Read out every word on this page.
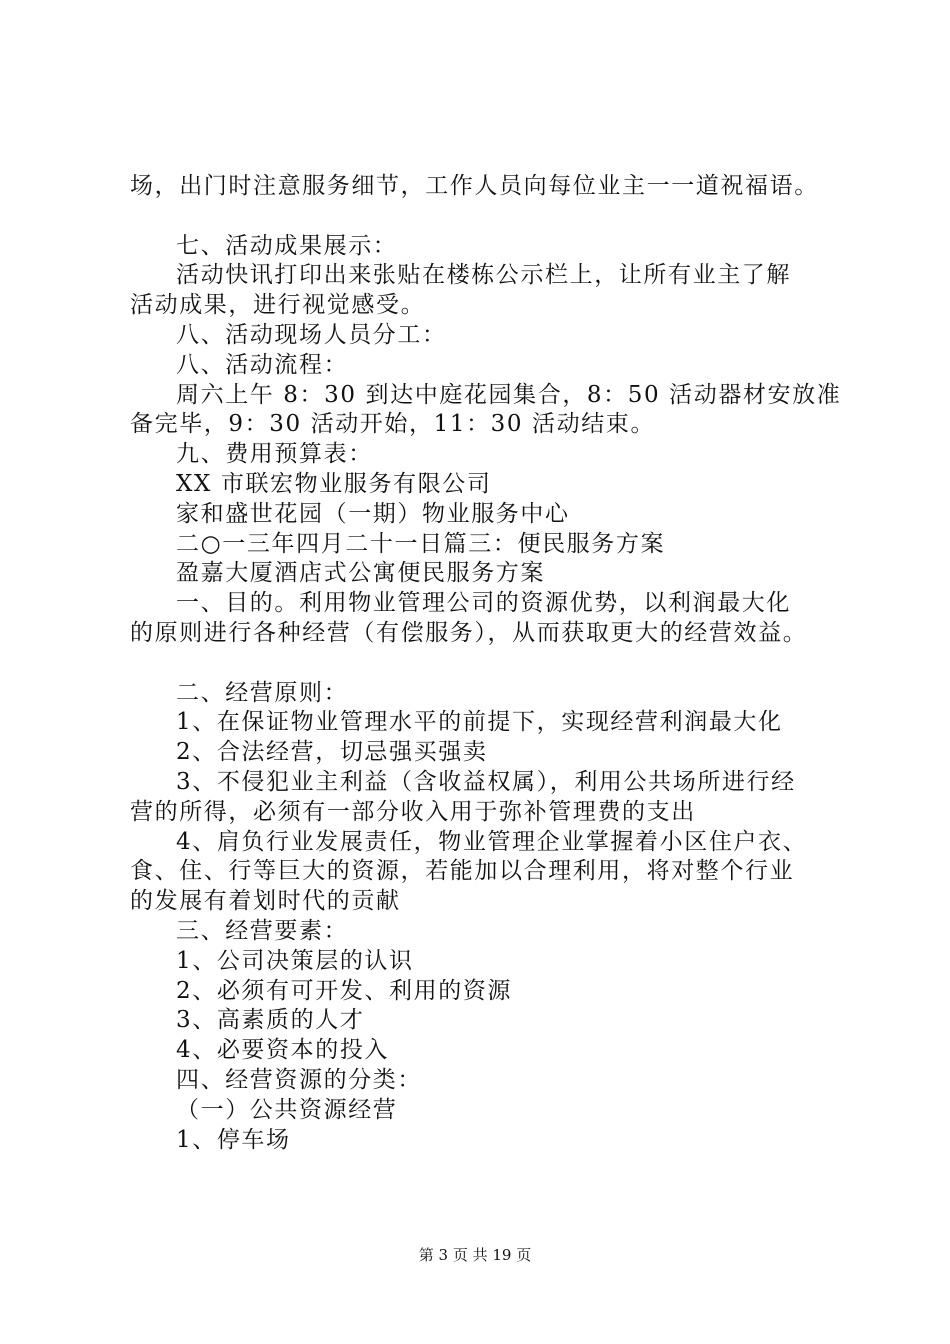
场，出门时注意服务细节，工作人员向每位业主一一道祝福语。
七、活动成果展示：
活动快讯打印出来张贴在楼栋公示栏上，让所有业主了解
活动成果，进行视觉感受。
八、活动现场人员分工：
八、活动流程：
周六上午 8：30 到达中庭花园集合，8：50 活动器材安放准
备完毕，9：30 活动开始，11：30 活动结束。
九、费用预算表：
XX 市联宏物业服务有限公司
家和盛世花园（一期）物业服务中心
二○一三年四月二十一日篇三：便民服务方案
盈嘉大厦酒店式公寓便民服务方案
一、目的。利用物业管理公司的资源优势，以利润最大化
的原则进行各种经营（有偿服务），从而获取更大的经营效益。
二、经营原则：
1、在保证物业管理水平的前提下，实现经营利润最大化
2、合法经营，切忌强买强卖
3、不侵犯业主利益（含收益权属），利用公共场所进行经
营的所得，必须有一部分收入用于弥补管理费的支出
4、肩负行业发展责任，物业管理企业掌握着小区住户衣、
食、住、行等巨大的资源，若能加以合理利用，将对整个行业
的发展有着划时代的贡献
三、经营要素：
1、公司决策层的认识
2、必须有可开发、利用的资源
3、高素质的人才
4、必要资本的投入
四、经营资源的分类：
（一）公共资源经营
1、停车场
第 3 页 共 19 页
